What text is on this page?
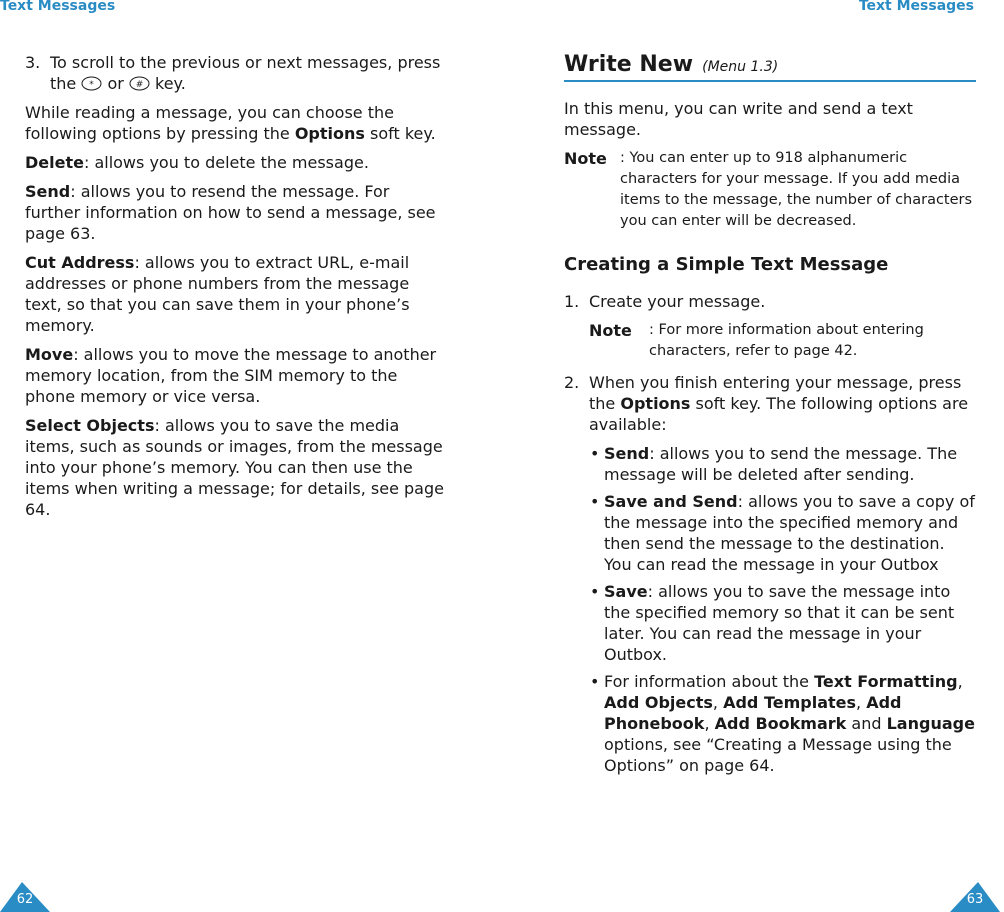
Text Messages	Text Messages
3. To scroll to the previous or next messages, press the * or # key.

While reading a message, you can choose the following options by pressing the Options soft key.

Delete: allows you to delete the message.

Send: allows you to resend the message. For further information on how to send a message, see page 63.

Cut Address: allows you to extract URL, e-mail addresses or phone numbers from the message text, so that you can save them in your phone’s memory.

Move: allows you to move the message to another memory location, from the SIM memory to the phone memory or vice versa.

Select Objects: allows you to save the media items, such as sounds or images, from the message into your phone’s memory. You can then use the items when writing a message; for details, see page 64.

Write New (Menu 1.3)

In this menu, you can write and send a text message.

Note : You can enter up to 918 alphanumeric characters for your message. If you add media items to the message, the number of characters you can enter will be decreased.
Creating a Simple Text Message
1. Create your message.
Note : For more information about entering characters, refer to page 42.
2. When you finish entering your message, press the Options soft key. The following options are available:
• Send: allows you to send the message. The message will be deleted after sending.
• Save and Send: allows you to save a copy of the message into the specified memory and then send the message to the destination. You can read the message in your Outbox
• Save: allows you to save the message into the specified memory so that it can be sent later. You can read the message in your Outbox.
• For information about the Text Formatting, Add Objects, Add Templates, Add Phonebook, Add Bookmark and Language options, see “Creating a Message using the Options” on page 64.
62	63
